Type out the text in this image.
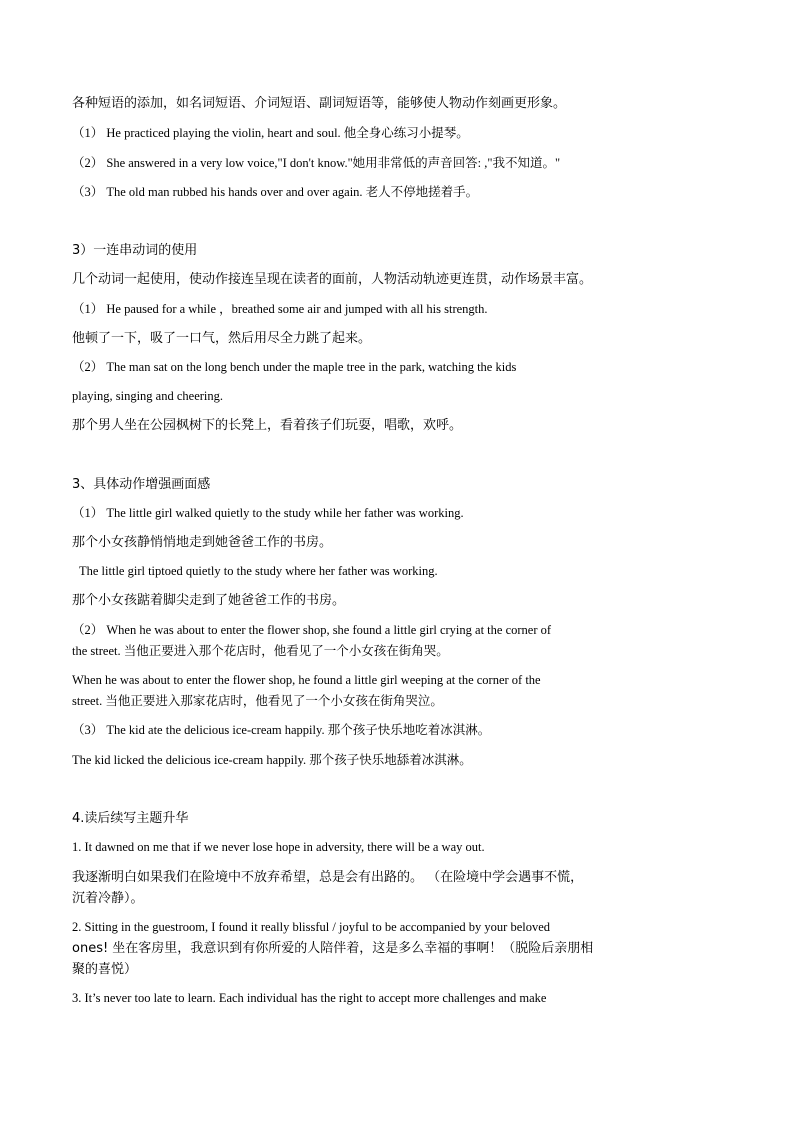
各种短语的添加，如名词短语、介词短语、副词短语等，能够使人物动作刻画更形象。
（1） He practiced playing the violin, heart and soul. 他全身心练习小提琴。
（2） She answered in a very low voice,"I don't know."她用非常低的声音回答: ,"我不知道。"
（3） The old man rubbed his hands over and over again. 老人不停地搓着手。
3）一连串动词的使用
几个动词一起使用，使动作接连呈现在读者的面前，人物活动轨迹更连贯，动作场景丰富。
（1） He paused for a while ，breathed some air and jumped with all his strength.
他顿了一下，吸了一口气，然后用尽全力跳了起来。
（2） The man sat on the long bench under the maple tree in the park, watching the kids
playing, singing and cheering.
那个男人坐在公园枫树下的长凳上，看着孩子们玩耍，唱歌，欢呼。
3、具体动作增强画面感
（1） The little girl walked quietly to the study while her father was working.
那个小女孩静悄悄地走到她爸爸工作的书房。
The little girl tiptoed quietly to the study where her father was working.
那个小女孩踮着脚尖走到了她爸爸工作的书房。
（2） When he was about to enter the flower shop, she found a little girl crying at the corner of
the street. 当他正要进入那个花店时，他看见了一个小女孩在街角哭。
When he was about to enter the flower shop, he found a little girl weeping at the corner of the
street. 当他正要进入那家花店时，他看见了一个小女孩在街角哭泣。
（3） The kid ate the delicious ice-cream happily. 那个孩子快乐地吃着冰淇淋。
The kid licked the delicious ice-cream happily. 那个孩子快乐地舔着冰淇淋。
4.读后续写主题升华
1. It dawned on me that if we never lose hope in adversity, there will be a way out.
我逐渐明白如果我们在险境中不放弃希望，总是会有出路的。 （在险境中学会遇事不慌，
沉着冷静）。
2. Sitting in the guestroom, I found it really blissful / joyful to be accompanied by your beloved
ones! 坐在客房里，我意识到有你所爱的人陪伴着，这是多么幸福的事啊！（脱险后亲朋相
聚的喜悦）
3. It’s never too late to learn. Each individual has the right to accept more challenges and make
